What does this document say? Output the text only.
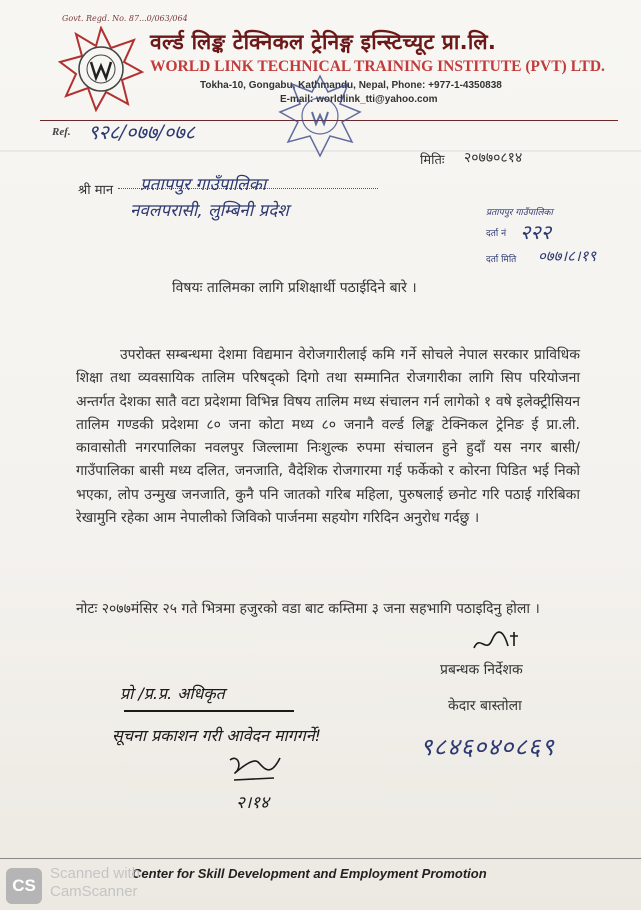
Govt. Regd. No. 87...0/063/064
वर्ल्ड लिङ्क टेक्निकल ट्रेनिङ्ग इन्स्टिच्यूट प्रा.लि.
WORLD LINK TECHNICAL TRAINING INSTITUTE (PVT) LTD.
Tokha-10, Gongabu, Kathmandu, Nepal, Phone: +977-1-4350838
E-mail: worldlink_tti@yahoo.com
Ref. ९२८/०७७/०७८
मितिः २०७७०८१४
श्री मान प्रतापपुर गाउँपालिका
नवलपरासी, लुम्बिनी प्रदेश	प्रतापपुर गाउँपालिका
दर्ता नं २२२
दर्ता मिति ०७७।८।१९
विषयः तालिमका लागि प्रशिक्षार्थी पठाईदिने बारे ।

उपरोक्त सम्बन्धमा देशमा विद्यमान वेरोजगारीलाई कमि गर्ने सोचले नेपाल सरकार प्राविधिक शिक्षा तथा व्यवसायिक तालिम परिषद्को दिगो तथा सम्मानित रोजगारीका लागि सिप परियोजना अन्तर्गत देशका सातै वटा प्रदेशमा विभिन्न विषय तालिम मध्य संचालन गर्न लागेको १ वषे इलेक्ट्रीसियन तालिम गण्डकी प्रदेशमा ८० जना कोटा मध्य ८० जनानै वर्ल्ड लिङ्क टेक्निकल ट्रेनिङ ई प्रा.ली. कावासोती नगरपालिका नवलपुर जिल्लामा निःशुल्क रुपमा संचालन हुने हुदाँ यस नगर बासी/गाउँपालिका बासी मध्य दलित, जनजाति, वैदेशिक रोजगारमा गई फर्केको र कोरना पिडित भई निको भएका, लोप उन्मुख जनजाति, कुनै पनि जातको गरिब महिला, पुरुषलाई छनोट गरि पठाई गरिबिका रेखामुनि रहेका आम नेपालीको जिविको पार्जनमा सहयोग गरिदिन अनुरोध गर्दछु ।

नोटः २०७७मंसिर २५ गते भित्रमा हजुरको वडा बाट कम्तिमा ३ जना सहभागि पठाइदिनु होला ।

प्रबन्धक निर्देशक
केदार बास्तोला
९८४६०४०८६९
प्रो /प्र.प्र. अधिकृत
सूचना प्रकाशन गरी आवेदन मागगर्ने!
२।१४
Center for Skill Development and Employment Promotion
CS
Scanned with
CamScanner
